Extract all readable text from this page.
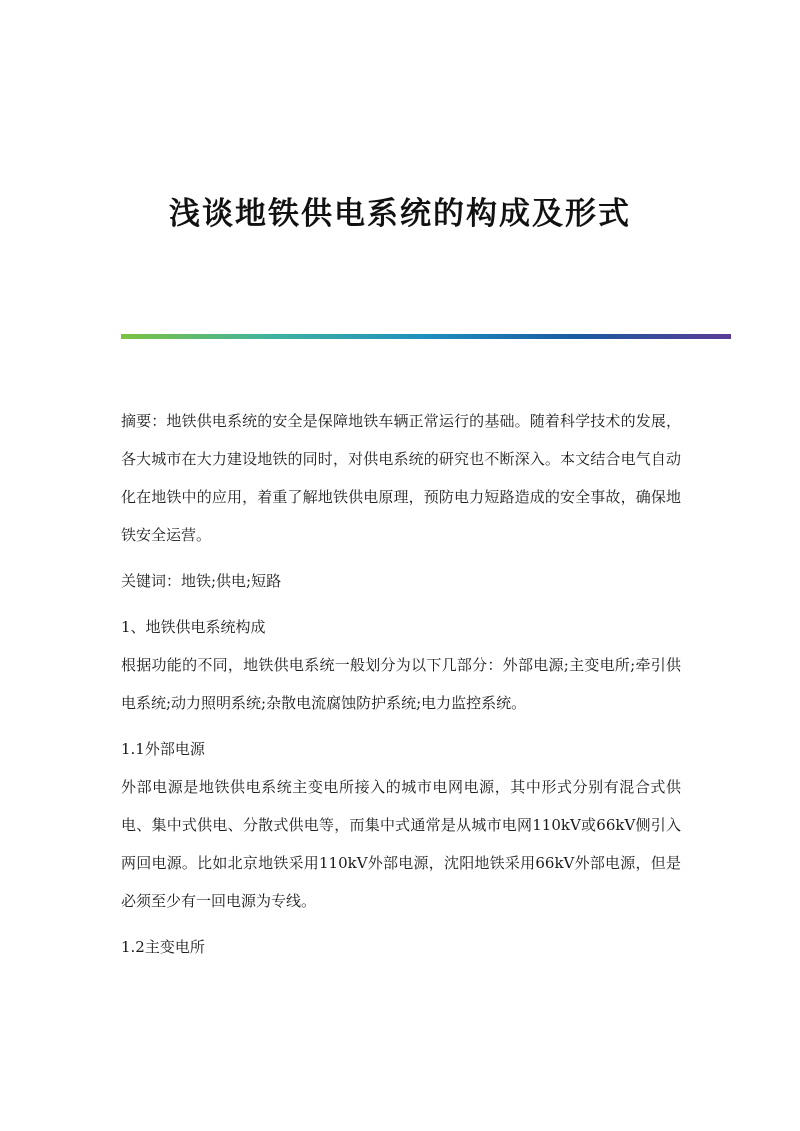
浅谈地铁供电系统的构成及形式

摘要：地铁供电系统的安全是保障地铁车辆正常运行的基础。随着科学技术的发展，各大城市在大力建设地铁的同时，对供电系统的研究也不断深入。本文结合电气自动化在地铁中的应用，着重了解地铁供电原理，预防电力短路造成的安全事故，确保地铁安全运营。

关键词：地铁;供电;短路

1、地铁供电系统构成

根据功能的不同，地铁供电系统一般划分为以下几部分：外部电源;主变电所;牵引供电系统;动力照明系统;杂散电流腐蚀防护系统;电力监控系统。

1.1外部电源

外部电源是地铁供电系统主变电所接入的城市电网电源，其中形式分别有混合式供电、集中式供电、分散式供电等，而集中式通常是从城市电网110kV或66kV侧引入两回电源。比如北京地铁采用110kV外部电源，沈阳地铁采用66kV外部电源，但是必须至少有一回电源为专线。

1.2主变电所
